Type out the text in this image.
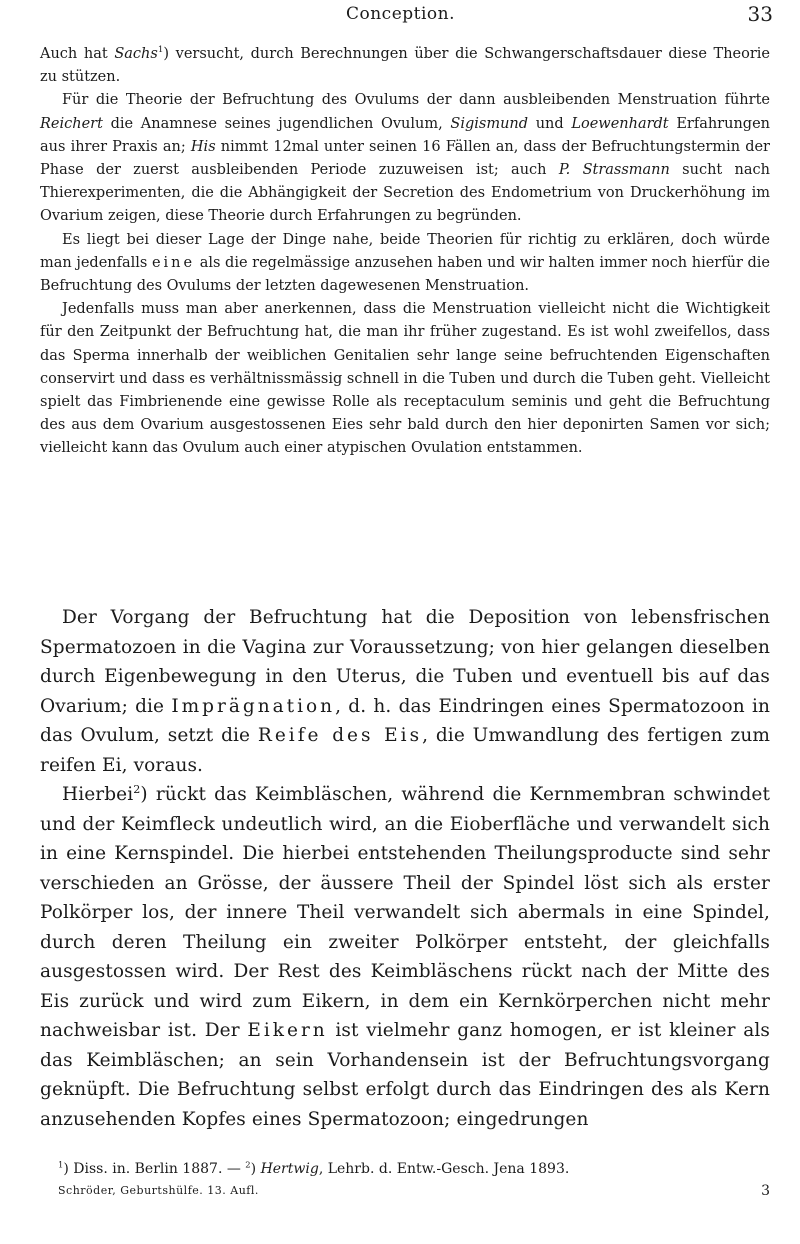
Conception.	33

Auch hat Sachs$^1$) versucht, durch Berechnungen über die Schwangerschaftsdauer diese Theorie zu stützen.

Für die Theorie der Befruchtung des Ovulums der dann ausbleibenden Menstruation führte Reichert die Anamnese seines jugendlichen Ovulum, Sigismund und Loewenhardt Erfahrungen aus ihrer Praxis an; His nimmt 12mal unter seinen 16 Fällen an, dass der Befruchtungstermin der Phase der zuerst ausbleibenden Periode zuzuweisen ist; auch P. Strassmann sucht nach Thierexperimenten, die die Abhängigkeit der Secretion des Endometrium von Druckerhöhung im Ovarium zeigen, diese Theorie durch Erfahrungen zu begründen.

Es liegt bei dieser Lage der Dinge nahe, beide Theorien für richtig zu erklären, doch würde man jedenfalls eine als die regelmässige anzusehen haben und wir halten immer noch hierfür die Befruchtung des Ovulums der letzten dagewesenen Menstruation.

Jedenfalls muss man aber anerkennen, dass die Menstruation vielleicht nicht die Wichtigkeit für den Zeitpunkt der Befruchtung hat, die man ihr früher zugestand. Es ist wohl zweifellos, dass das Sperma innerhalb der weiblichen Genitalien sehr lange seine befruchtenden Eigenschaften conservirt und dass es verhältnissmässig schnell in die Tuben und durch die Tuben geht. Vielleicht spielt das Fimbrienende eine gewisse Rolle als receptaculum seminis und geht die Befruchtung des aus dem Ovarium ausgestossenen Eies sehr bald durch den hier deponirten Samen vor sich; vielleicht kann das Ovulum auch einer atypischen Ovulation entstammen.

Der Vorgang der Befruchtung hat die Deposition von lebensfrischen Spermatozoen in die Vagina zur Voraussetzung; von hier gelangen dieselben durch Eigenbewegung in den Uterus, die Tuben und eventuell bis auf das Ovarium; die Imprägnation, d. h. das Eindringen eines Spermatozoon in das Ovulum, setzt die Reife des Eis, die Umwandlung des fertigen zum reifen Ei, voraus.

Hierbei$^2$) rückt das Keimbläschen, während die Kernmembran schwindet und der Keimfleck undeutlich wird, an die Eioberfläche und verwandelt sich in eine Kernspindel. Die hierbei entstehenden Theilungsproducte sind sehr verschieden an Grösse, der äussere Theil der Spindel löst sich als erster Polkörper los, der innere Theil verwandelt sich abermals in eine Spindel, durch deren Theilung ein zweiter Polkörper entsteht, der gleichfalls ausgestossen wird. Der Rest des Keimbläschens rückt nach der Mitte des Eis zurück und wird zum Eikern, in dem ein Kernkörperchen nicht mehr nachweisbar ist. Der Eikern ist vielmehr ganz homogen, er ist kleiner als das Keimbläschen; an sein Vorhandensein ist der Befruchtungsvorgang geknüpft. Die Befruchtung selbst erfolgt durch das Eindringen des als Kern anzusehenden Kopfes eines Spermatozoon; eingedrungen

$^1$) Diss. in. Berlin 1887. — $^2$) Hertwig, Lehrb. d. Entw.-Gesch. Jena 1893.
Schröder, Geburtshülfe. 13. Aufl.	3
